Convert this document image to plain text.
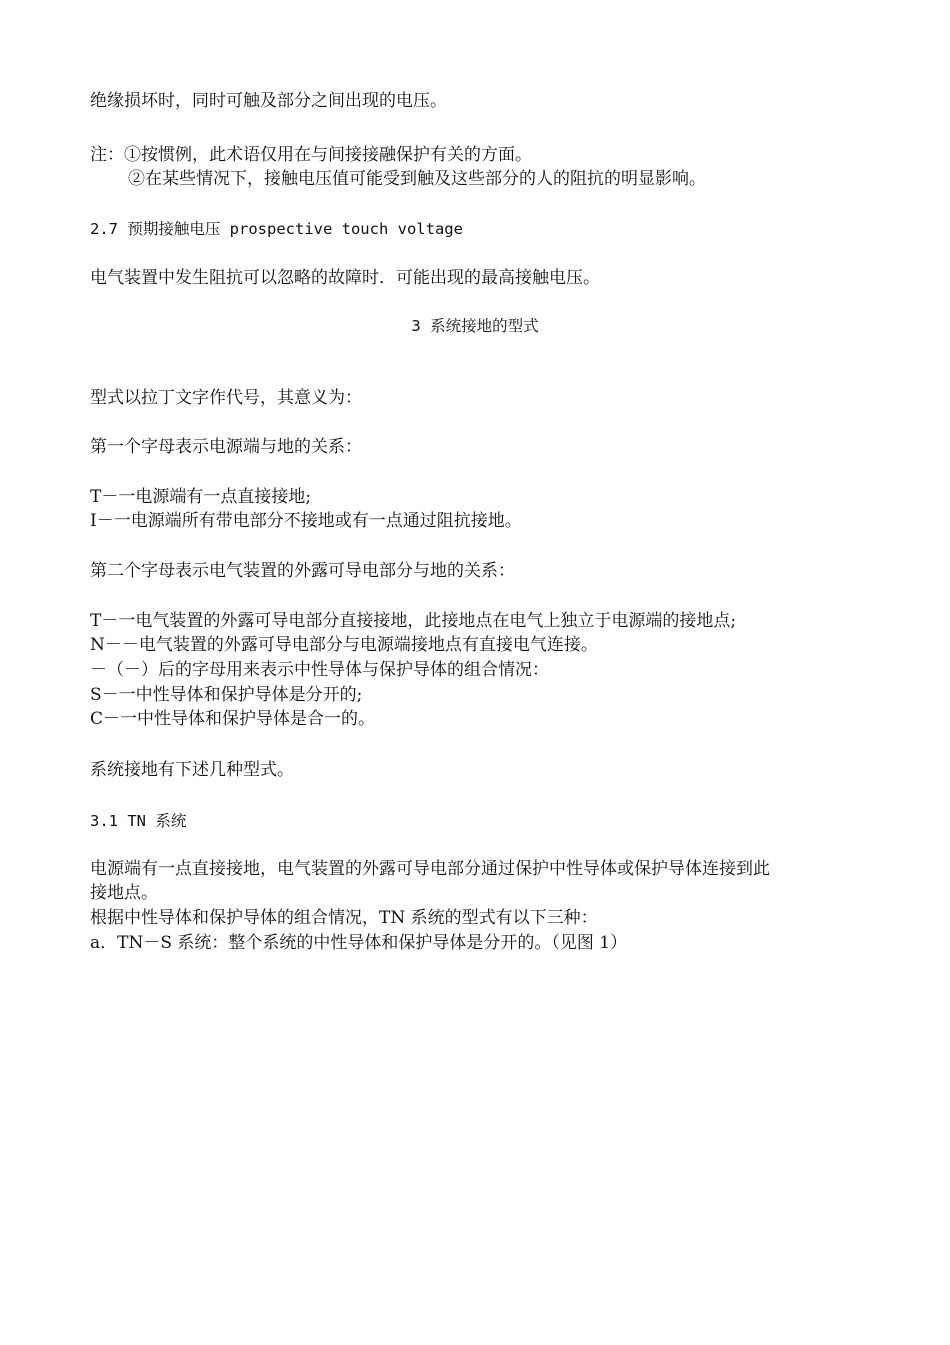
绝缘损坏时，同时可触及部分之间出现的电压。
注：①按惯例，此术语仅用在与间接接融保护有关的方面。
②在某些情况下，接触电压值可能受到触及这些部分的人的阻抗的明显影响。
2.7 预期接触电压 prospective touch voltage
电气装置中发生阻抗可以忽略的故障时．可能出现的最高接触电压。
3 系统接地的型式
型式以拉丁文字作代号，其意义为：
第一个字母表示电源端与地的关系：
T－一电源端有一点直接接地;
I－一电源端所有带电部分不接地或有一点通过阻抗接地。
第二个字母表示电气装置的外露可导电部分与地的关系：
T－一电气装置的外露可导电部分直接接地，此接地点在电气上独立于电源端的接地点;
N－－电气装置的外露可导电部分与电源端接地点有直接电气连接。
－（－）后的字母用来表示中性导体与保护导体的组合情况：
S－一中性导体和保护导体是分开的;
C－一中性导体和保护导体是合一的。
系统接地有下述几种型式。
3.1 TN 系统
电源端有一点直接接地，电气装置的外露可导电部分通过保护中性导体或保护导体连接到此
接地点。
根据中性导体和保护导体的组合情况，TN 系统的型式有以下三种：
a．TN－S 系统：整个系统的中性导体和保护导体是分开的。（见图 1）
